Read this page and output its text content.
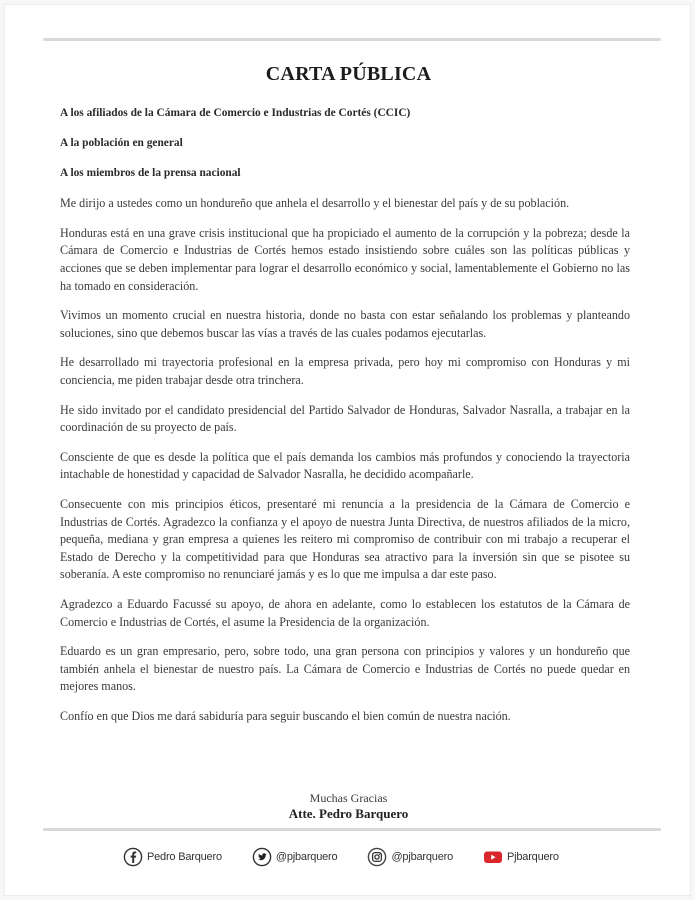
CARTA PÚBLICA

A los afiliados de la Cámara de Comercio e Industrias de Cortés (CCIC)

A la población en general

A los miembros de la prensa nacional

Me dirijo a ustedes como un hondureño que anhela el desarrollo y el bienestar del país y de su población.

Honduras está en una grave crisis institucional que ha propiciado el aumento de la corrupción y la pobreza; desde la Cámara de Comercio e Industrias de Cortés hemos estado insistiendo sobre cuáles son las políticas públicas y acciones que se deben implementar para lograr el desarrollo económico y social, lamentablemente el Gobierno no las ha tomado en consideración.

Vivimos un momento crucial en nuestra historia, donde no basta con estar señalando los problemas y planteando soluciones, sino que debemos buscar las vías a través de las cuales podamos ejecutarlas.

He desarrollado mi trayectoria profesional en la empresa privada, pero hoy mi compromiso con Honduras y mi conciencia, me piden trabajar desde otra trinchera.

He sido invitado por el candidato presidencial del Partido Salvador de Honduras, Salvador Nasralla, a trabajar en la coordinación de su proyecto de país.

Consciente de que es desde la política que el país demanda los cambios más profundos y conociendo la trayectoria intachable de honestidad y capacidad de Salvador Nasralla, he decidido acompañarle.

Consecuente con mis principios éticos, presentaré mi renuncia a la presidencia de la Cámara de Comercio e Industrias de Cortés. Agradezco la confianza y el apoyo de nuestra Junta Directiva, de nuestros afiliados de la micro, pequeña, mediana y gran empresa a quienes les reitero mi compromiso de contribuir con mi trabajo a recuperar el Estado de Derecho y la competitividad para que Honduras sea atractivo para la inversión sin que se pisotee su soberanía. A este compromiso no renunciaré jamás y es lo que me impulsa a dar este paso.

Agradezco a Eduardo Facussé su apoyo, de ahora en adelante, como lo establecen los estatutos de la Cámara de Comercio e Industrias de Cortés, el asume la Presidencia de la organización.

Eduardo es un gran empresario, pero, sobre todo, una gran persona con principios y valores y un hondureño que también anhela el bienestar de nuestro país. La Cámara de Comercio e Industrias de Cortés no puede quedar en mejores manos.

Confío en que Dios me dará sabiduría para seguir buscando el bien común de nuestra nación.

Muchas Gracias
Atte. Pedro Barquero
Pedro Barquero	@pjbarquero	@pjbarquero	Pjbarquero
